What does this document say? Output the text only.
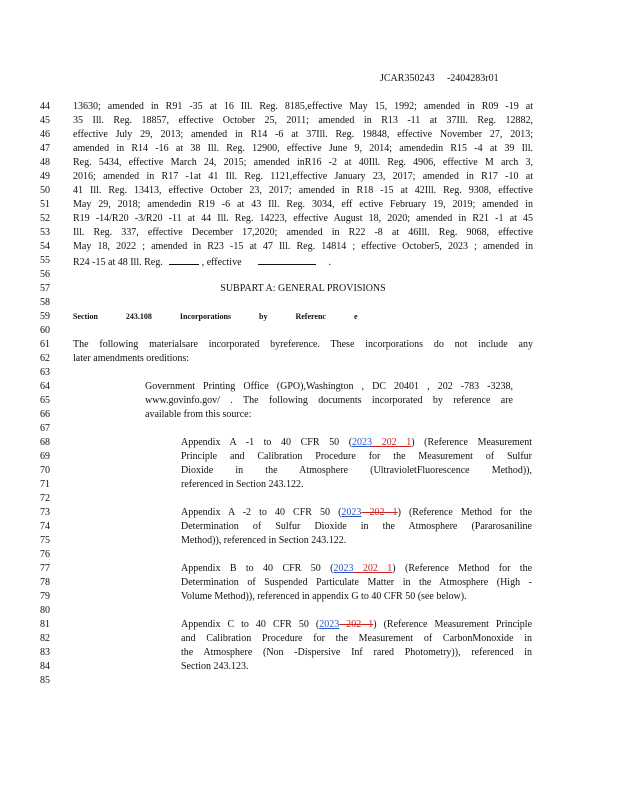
JCAR350243 -2404283r01
44
45
46
47
48
49
50
51
52
53
54
55
56
57
58
59
60
61
62
63
64
65
66
67
68
69
70
71
72
73
74
75
76
77
78
79
80
81
82
83
84
85
13630; amended in R91 -35 at 16 Ill. Reg. 8185,effective May 15, 1992; amended in R09 -19 at
35 Ill. Reg. 18857, effective October 25, 2011; amended in R13 -11 at 37Ill. Reg. 12882,
effective July 29, 2013; amended in R14 -6 at 37Ill. Reg. 19848, effective November 27, 2013;
amended in R14 -16 at 38 Ill. Reg. 12900, effective June 9, 2014; amendedin R15 -4 at 39 Ill.
Reg. 5434, effective March 24, 2015; amended inR16 -2 at 40Ill. Reg. 4906, effective M arch 3,
2016; amended in R17 -1at 41 Ill. Reg. 1121,effective January 23, 2017; amended in R17 -10 at
41 Ill. Reg. 13413, effective October 23, 2017; amended in R18 -15 at 42Ill. Reg. 9308, effective
May 29, 2018; amendedin R19 -6 at 43 Ill. Reg. 3034, eff ective February 19, 2019; amended in
R19 -14/R20 -3/R20 -11 at 44 Ill. Reg. 14223, effective August 18, 2020; amended in R21 -1 at 45
Ill. Reg. 337, effective December 17,2020; amended in R22 -8 at 46Ill. Reg. 9068, effective
May 18, 2022 ; amended in R23 -15 at 47 Ill. Reg. 14814 ; effective October5, 2023 ; amended in
R24 -15 at 48 Ill. Reg.	, effective	.
SUBPART A: GENERAL PROVISIONS
Section 243.108 Incorporations by Referenc e
The following materialsare incorporated byreference. These incorporations do not include any
later amendments oreditions:
Government Printing Office (GPO),Washington , DC 20401 , 202 -783 -3238,
www.govinfo.gov/ . The following documents incorporated by reference are
available from this source:
Appendix A -1 to 40 CFR 50 (2023 202 1) (Reference Measurement
Principle and Calibration Procedure for the Measurement of Sulfur
Dioxide in the Atmosphere (UltravioletFluorescence Method)),
referenced in Section 243.122.
Appendix A -2 to 40 CFR 50 (2023 202 1) (Reference Method for the
Determination of Sulfur Dioxide in the Atmosphere (Pararosaniline
Method)), referenced in Section 243.122.
Appendix B to 40 CFR 50 (2023 202 1) (Reference Method for the
Determination of Suspended Particulate Matter in the Atmosphere (High -
Volume Method)), referenced in appendix G to 40 CFR 50 (see below).
Appendix C to 40 CFR 50 (2023 202 1) (Reference Measurement Principle
and Calibration Procedure for the Measurement of CarbonMonoxide in
the Atmosphere (Non -Dispersive Inf rared Photometry)), referenced in
Section 243.123.
